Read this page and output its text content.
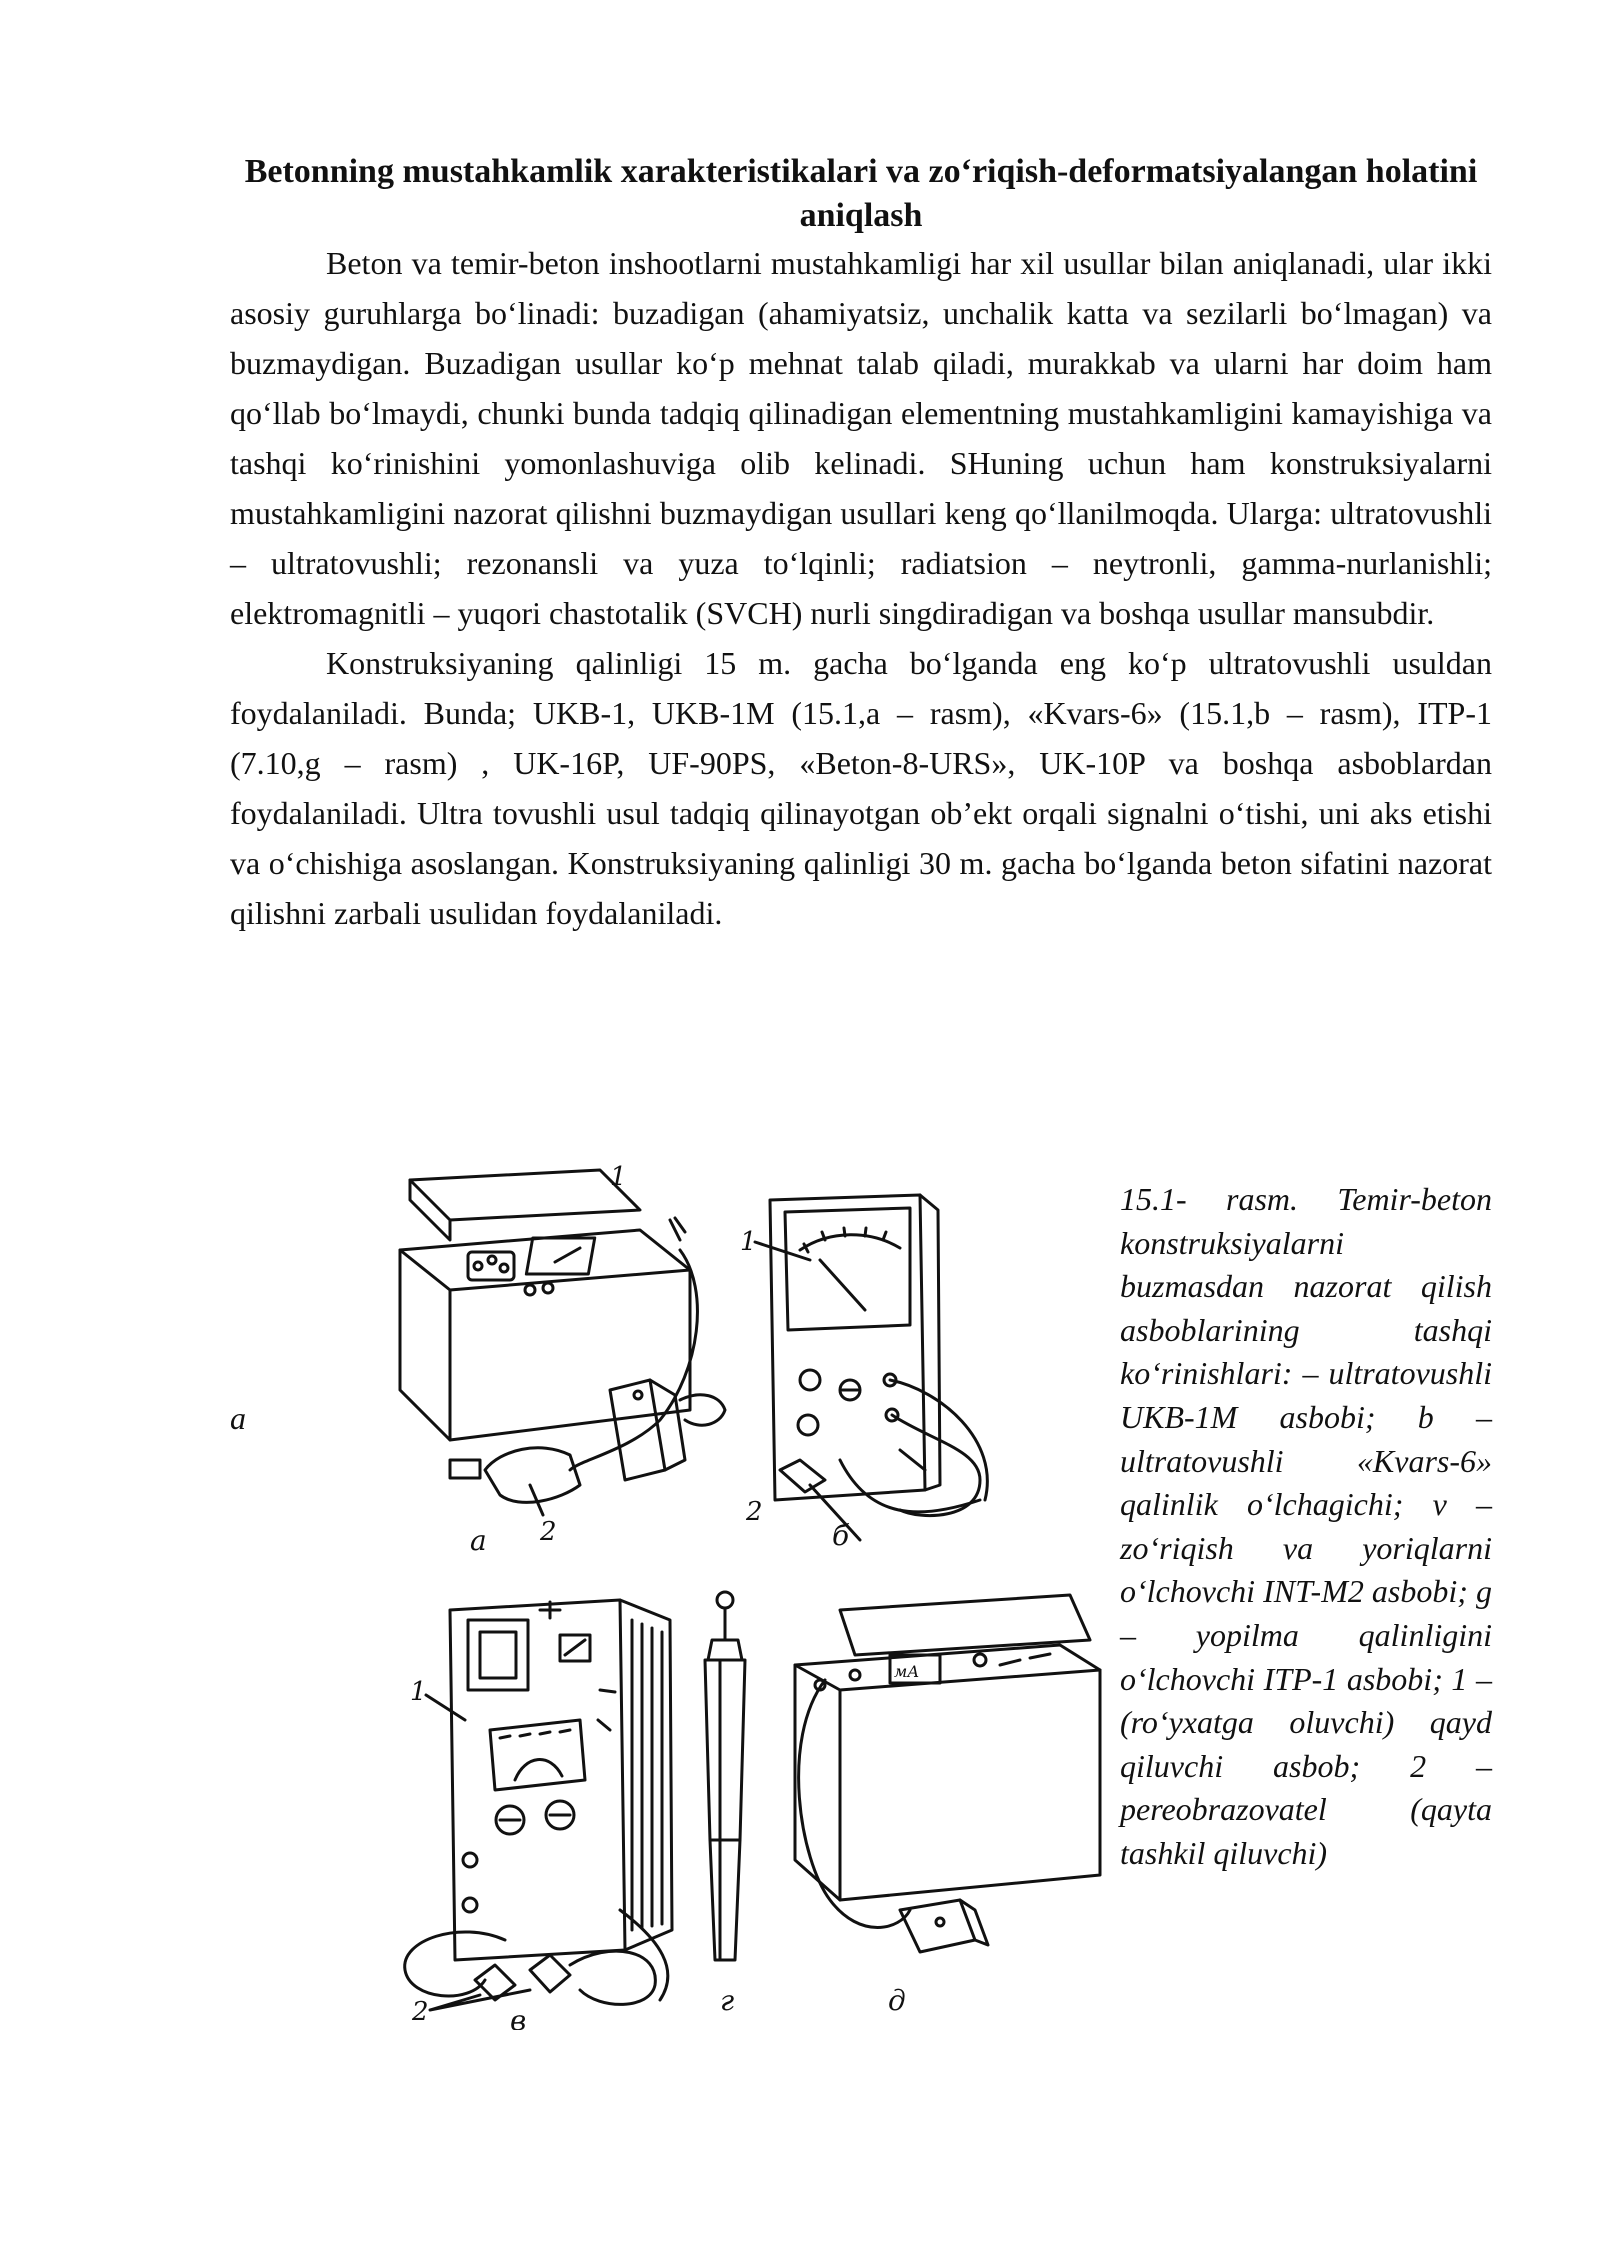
Betonning mustahkamlik xarakteristikalari va zo‘riqish-deformatsiyalangan holatini aniqlash

Beton va temir-beton inshootlarni mustahkamligi har xil usullar bilan aniqlanadi, ular ikki asosiy guruhlarga bo‘linadi: buzadigan (ahamiyatsiz, unchalik katta va sezilarli bo‘lmagan) va buzmaydigan. Buzadigan usullar ko‘p mehnat talab qiladi, murakkab va ularni har doim ham qo‘llab bo‘lmaydi, chunki bunda tadqiq qilinadigan elementning mustahkamligini kamayishiga va tashqi ko‘rinishini yomonlashuviga olib kelinadi. SHuning uchun ham konstruksiyalarni mustahkamligini nazorat qilishni buzmaydigan usullari keng qo‘llanilmoqda. Ularga: ultratovushli – ultratovushli; rezonansli va yuza to‘lqinli; radiatsion – neytronli, gamma-nurlanishli; elektromagnitli – yuqori chastotalik (SVCH) nurli singdiradigan va boshqa usullar mansubdir.

Konstruksiyaning qalinligi 15 m. gacha bo‘lganda eng ko‘p ultratovushli usuldan foydalaniladi. Bunda; UKB-1, UKB-1M (15.1,a – rasm), «Kvars-6» (15.1,b – rasm), ITP-1 (7.10,g – rasm) , UK-16P, UF-90PS, «Beton-8-URS», UK-10P va boshqa asboblardan foydalaniladi. Ultra tovushli usul tadqiq qilinayotgan ob’ekt orqali signalni o‘tishi, uni aks etishi va o‘chishiga asoslangan. Konstruksiyaning qalinligi 30 m. gacha bo‘lganda beton sifatini nazorat qilishni zarbali usulidan foydalaniladi.

a
1
2
а
1
2
б
1
2	в
г
мА
д
15.1- rasm. Temir-beton konstruksiyalarni buzmasdan nazorat qilish asboblarining tashqi ko‘rinishlari: – ultratovushli UKB-1M asbobi; b – ultratovushli «Kvars-6» qalinlik o‘lchagichi; v – zo‘riqish va yoriqlarni o‘lchovchi INT-M2 asbobi; g – yopilma qalinligini o‘lchovchi ITP-1 asbobi; 1 – (ro‘yxatga oluvchi) qayd qiluvchi asbob; 2 – pereobrazovatel (qayta tashkil qiluvchi)
